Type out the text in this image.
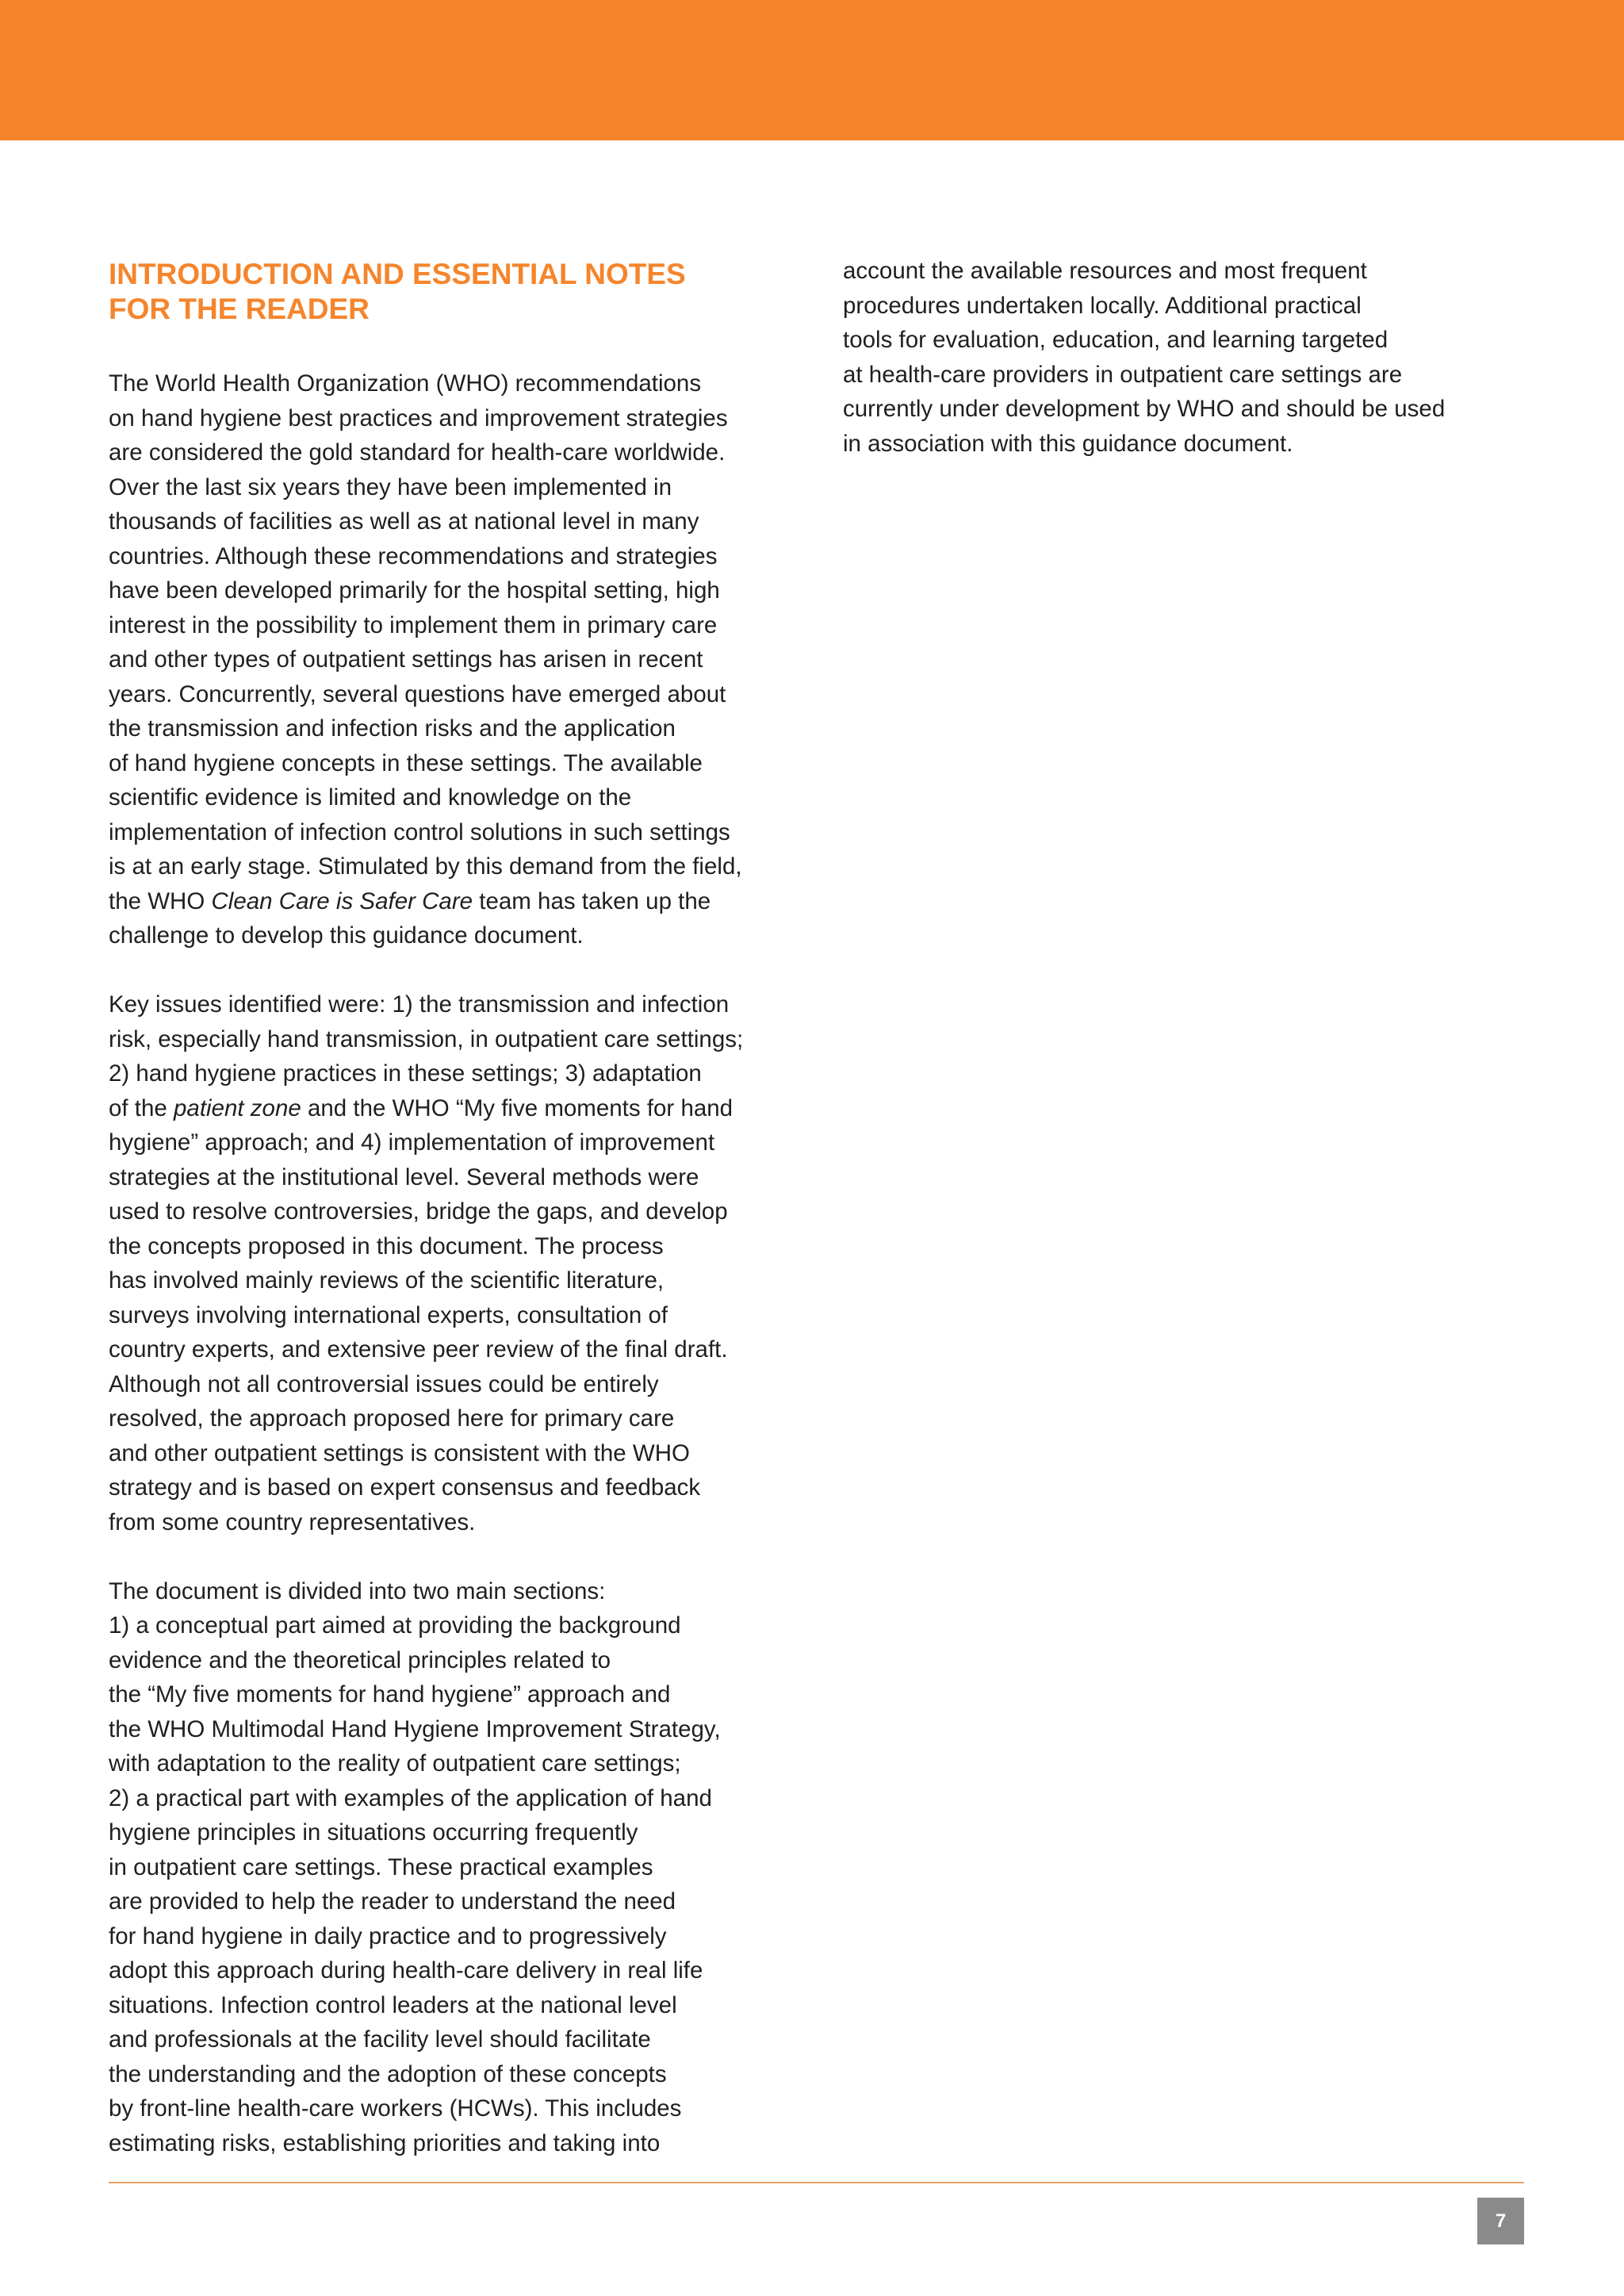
INTRODUCTION AND ESSENTIAL NOTES
FOR THE READER
The World Health Organization (WHO) recommendations
on hand hygiene best practices and improvement strategies
are considered the gold standard for health-care worldwide.
Over the last six years they have been implemented in
thousands of facilities as well as at national level in many
countries. Although these recommendations and strategies
have been developed primarily for the hospital setting, high
interest in the possibility to implement them in primary care
and other types of outpatient settings has arisen in recent
years. Concurrently, several questions have emerged about
the transmission and infection risks and the application
of hand hygiene concepts in these settings. The available
scientific evidence is limited and knowledge on the
implementation of infection control solutions in such settings
is at an early stage. Stimulated by this demand from the field,
the WHO Clean Care is Safer Care team has taken up the
challenge to develop this guidance document.
Key issues identified were: 1) the transmission and infection
risk, especially hand transmission, in outpatient care settings;
2) hand hygiene practices in these settings; 3) adaptation
of the patient zone and the WHO “My five moments for hand
hygiene” approach; and 4) implementation of improvement
strategies at the institutional level. Several methods were
used to resolve controversies, bridge the gaps, and develop
the concepts proposed in this document. The process
has involved mainly reviews of the scientific literature,
surveys involving international experts, consultation of
country experts, and extensive peer review of the final draft.
Although not all controversial issues could be entirely
resolved, the approach proposed here for primary care
and other outpatient settings is consistent with the WHO
strategy and is based on expert consensus and feedback
from some country representatives.
The document is divided into two main sections:
1) a conceptual part aimed at providing the background
evidence and the theoretical principles related to
the “My five moments for hand hygiene” approach and
the WHO Multimodal Hand Hygiene Improvement Strategy,
with adaptation to the reality of outpatient care settings;
2) a practical part with examples of the application of hand
hygiene principles in situations occurring frequently
in outpatient care settings. These practical examples
are provided to help the reader to understand the need
for hand hygiene in daily practice and to progressively
adopt this approach during health-care delivery in real life
situations. Infection control leaders at the national level
and professionals at the facility level should facilitate
the understanding and the adoption of these concepts
by front-line health-care workers (HCWs). This includes
estimating risks, establishing priorities and taking into
account the available resources and most frequent
procedures undertaken locally. Additional practical
tools for evaluation, education, and learning targeted
at health-care providers in outpatient care settings are
currently under development by WHO and should be used
in association with this guidance document.
7
